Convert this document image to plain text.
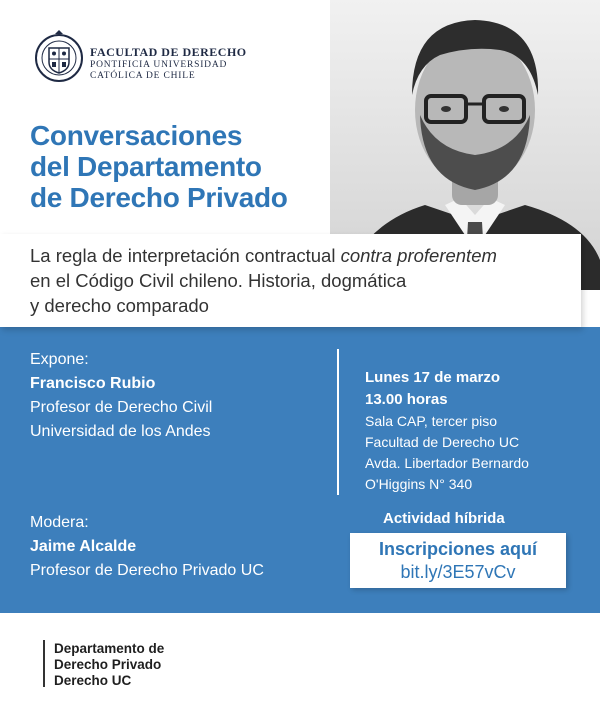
FACULTAD DE DERECHO
PONTIFICIA UNIVERSIDAD
CATÓLICA DE CHILE
Conversaciones
del Departamento
de Derecho Privado
La regla de interpretación contractual contra proferentem
en el Código Civil chileno. Historia, dogmática
y derecho comparado
Expone:
Francisco Rubio
Profesor de Derecho Civil
Universidad de los Andes
Lunes 17 de marzo
13.00 horas
Sala CAP, tercer piso
Facultad de Derecho UC
Avda. Libertador Bernardo
O'Higgins N° 340
Modera:
Jaime Alcalde
Profesor de Derecho Privado UC
Actividad híbrida
Inscripciones aquí
bit.ly/3E57vCv
Departamento de
Derecho Privado
Derecho UC
